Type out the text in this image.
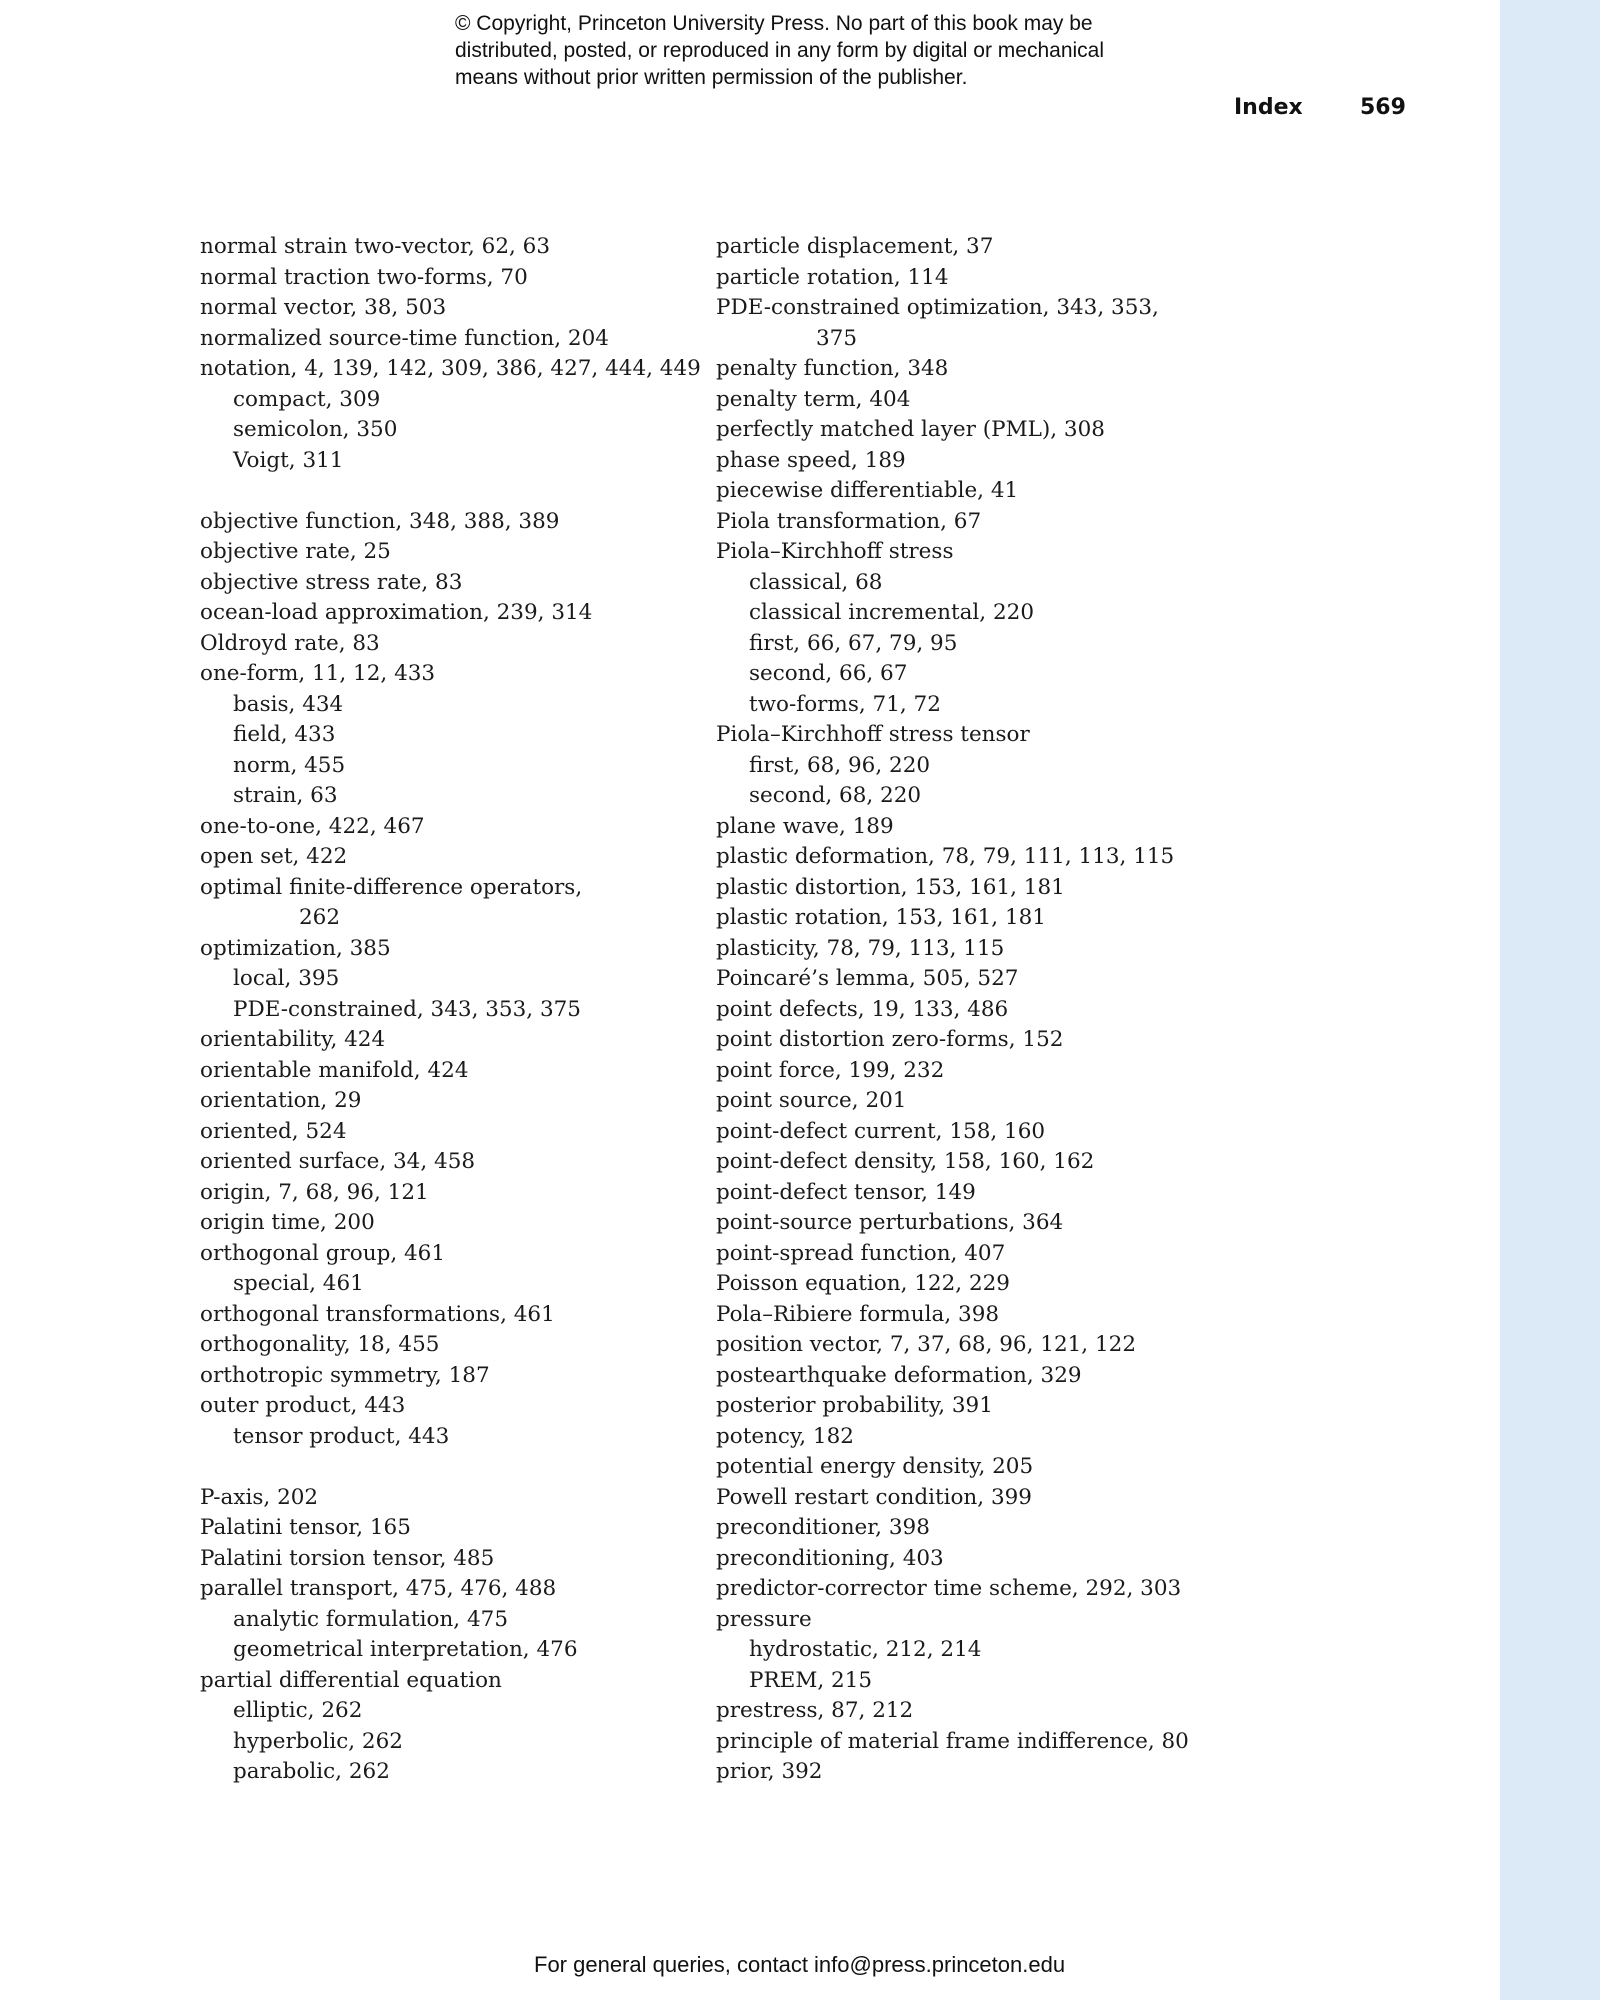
© Copyright, Princeton University Press. No part of this book may be
distributed, posted, or reproduced in any form by digital or mechanical
means without prior written permission of the publisher.
Index	569
normal strain two-vector, 62, 63
normal traction two-forms, 70
normal vector, 38, 503
normalized source-time function, 204
notation, 4, 139, 142, 309, 386, 427, 444, 449
compact, 309
semicolon, 350
Voigt, 311
objective function, 348, 388, 389
objective rate, 25
objective stress rate, 83
ocean-load approximation, 239, 314
Oldroyd rate, 83
one-form, 11, 12, 433
basis, 434
field, 433
norm, 455
strain, 63
one-to-one, 422, 467
open set, 422
optimal finite-difference operators,
262
optimization, 385
local, 395
PDE-constrained, 343, 353, 375
orientability, 424
orientable manifold, 424
orientation, 29
oriented, 524
oriented surface, 34, 458
origin, 7, 68, 96, 121
origin time, 200
orthogonal group, 461
special, 461
orthogonal transformations, 461
orthogonality, 18, 455
orthotropic symmetry, 187
outer product, 443
tensor product, 443
P-axis, 202
Palatini tensor, 165
Palatini torsion tensor, 485
parallel transport, 475, 476, 488
analytic formulation, 475
geometrical interpretation, 476
partial differential equation
elliptic, 262
hyperbolic, 262
parabolic, 262
particle displacement, 37
particle rotation, 114
PDE-constrained optimization, 343, 353,
375
penalty function, 348
penalty term, 404
perfectly matched layer (PML), 308
phase speed, 189
piecewise differentiable, 41
Piola transformation, 67
Piola–Kirchhoff stress
classical, 68
classical incremental, 220
first, 66, 67, 79, 95
second, 66, 67
two-forms, 71, 72
Piola–Kirchhoff stress tensor
first, 68, 96, 220
second, 68, 220
plane wave, 189
plastic deformation, 78, 79, 111, 113, 115
plastic distortion, 153, 161, 181
plastic rotation, 153, 161, 181
plasticity, 78, 79, 113, 115
Poincaré’s lemma, 505, 527
point defects, 19, 133, 486
point distortion zero-forms, 152
point force, 199, 232
point source, 201
point-defect current, 158, 160
point-defect density, 158, 160, 162
point-defect tensor, 149
point-source perturbations, 364
point-spread function, 407
Poisson equation, 122, 229
Pola–Ribiere formula, 398
position vector, 7, 37, 68, 96, 121, 122
postearthquake deformation, 329
posterior probability, 391
potency, 182
potential energy density, 205
Powell restart condition, 399
preconditioner, 398
preconditioning, 403
predictor-corrector time scheme, 292, 303
pressure
hydrostatic, 212, 214
PREM, 215
prestress, 87, 212
principle of material frame indifference, 80
prior, 392
For general queries, contact info@press.princeton.edu
